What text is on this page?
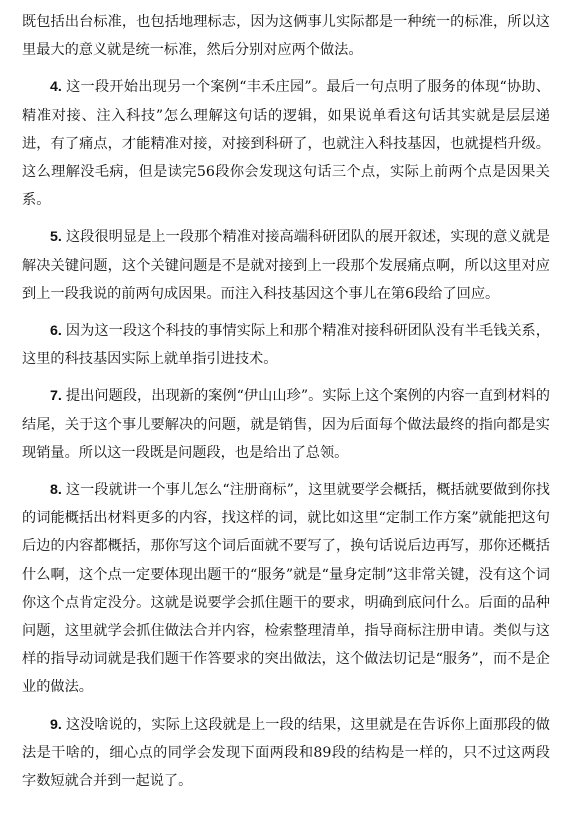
既包括出台标准，也包括地理标志，因为这俩事儿实际都是一种统一的标准，所以这里最大的意义就是统一标准，然后分别对应两个做法。

4. 这一段开始出现另一个案例“丰禾庄园”。最后一句点明了服务的体现“协助、精准对接、注入科技”怎么理解这句话的逻辑，如果说单看这句话其实就是层层递进，有了痛点，才能精准对接，对接到科研了，也就注入科技基因，也就提档升级。这么理解没毛病，但是读完56段你会发现这句话三个点，实际上前两个点是因果关系。

5. 这段很明显是上一段那个精准对接高端科研团队的展开叙述，实现的意义就是解决关键问题，这个关键问题是不是就对接到上一段那个发展痛点啊，所以这里对应到上一段我说的前两句成因果。而注入科技基因这个事儿在第6段给了回应。

6. 因为这一段这个科技的事情实际上和那个精准对接科研团队没有半毛钱关系，这里的科技基因实际上就单指引进技术。

7. 提出问题段，出现新的案例“伊山山珍”。实际上这个案例的内容一直到材料的结尾，关于这个事儿要解决的问题，就是销售，因为后面每个做法最终的指向都是实现销量。所以这一段既是问题段，也是给出了总领。

8. 这一段就讲一个事儿怎么“注册商标”，这里就要学会概括，概括就要做到你找的词能概括出材料更多的内容，找这样的词，就比如这里“定制工作方案”就能把这句后边的内容都概括，那你写这个词后面就不要写了，换句话说后边再写，那你还概括什么啊，这个点一定要体现出题干的“服务”就是“量身定制”这非常关键，没有这个词你这个点肯定没分。这就是说要学会抓住题干的要求，明确到底问什么。后面的品种问题，这里就学会抓住做法合并内容，检索整理清单，指导商标注册申请。类似与这样的指导动词就是我们题干作答要求的突出做法，这个做法切记是“服务”，而不是企业的做法。

9. 这没啥说的，实际上这段就是上一段的结果，这里就是在告诉你上面那段的做法是干啥的，细心点的同学会发现下面两段和89段的结构是一样的，只不过这两段字数短就合并到一起说了。
